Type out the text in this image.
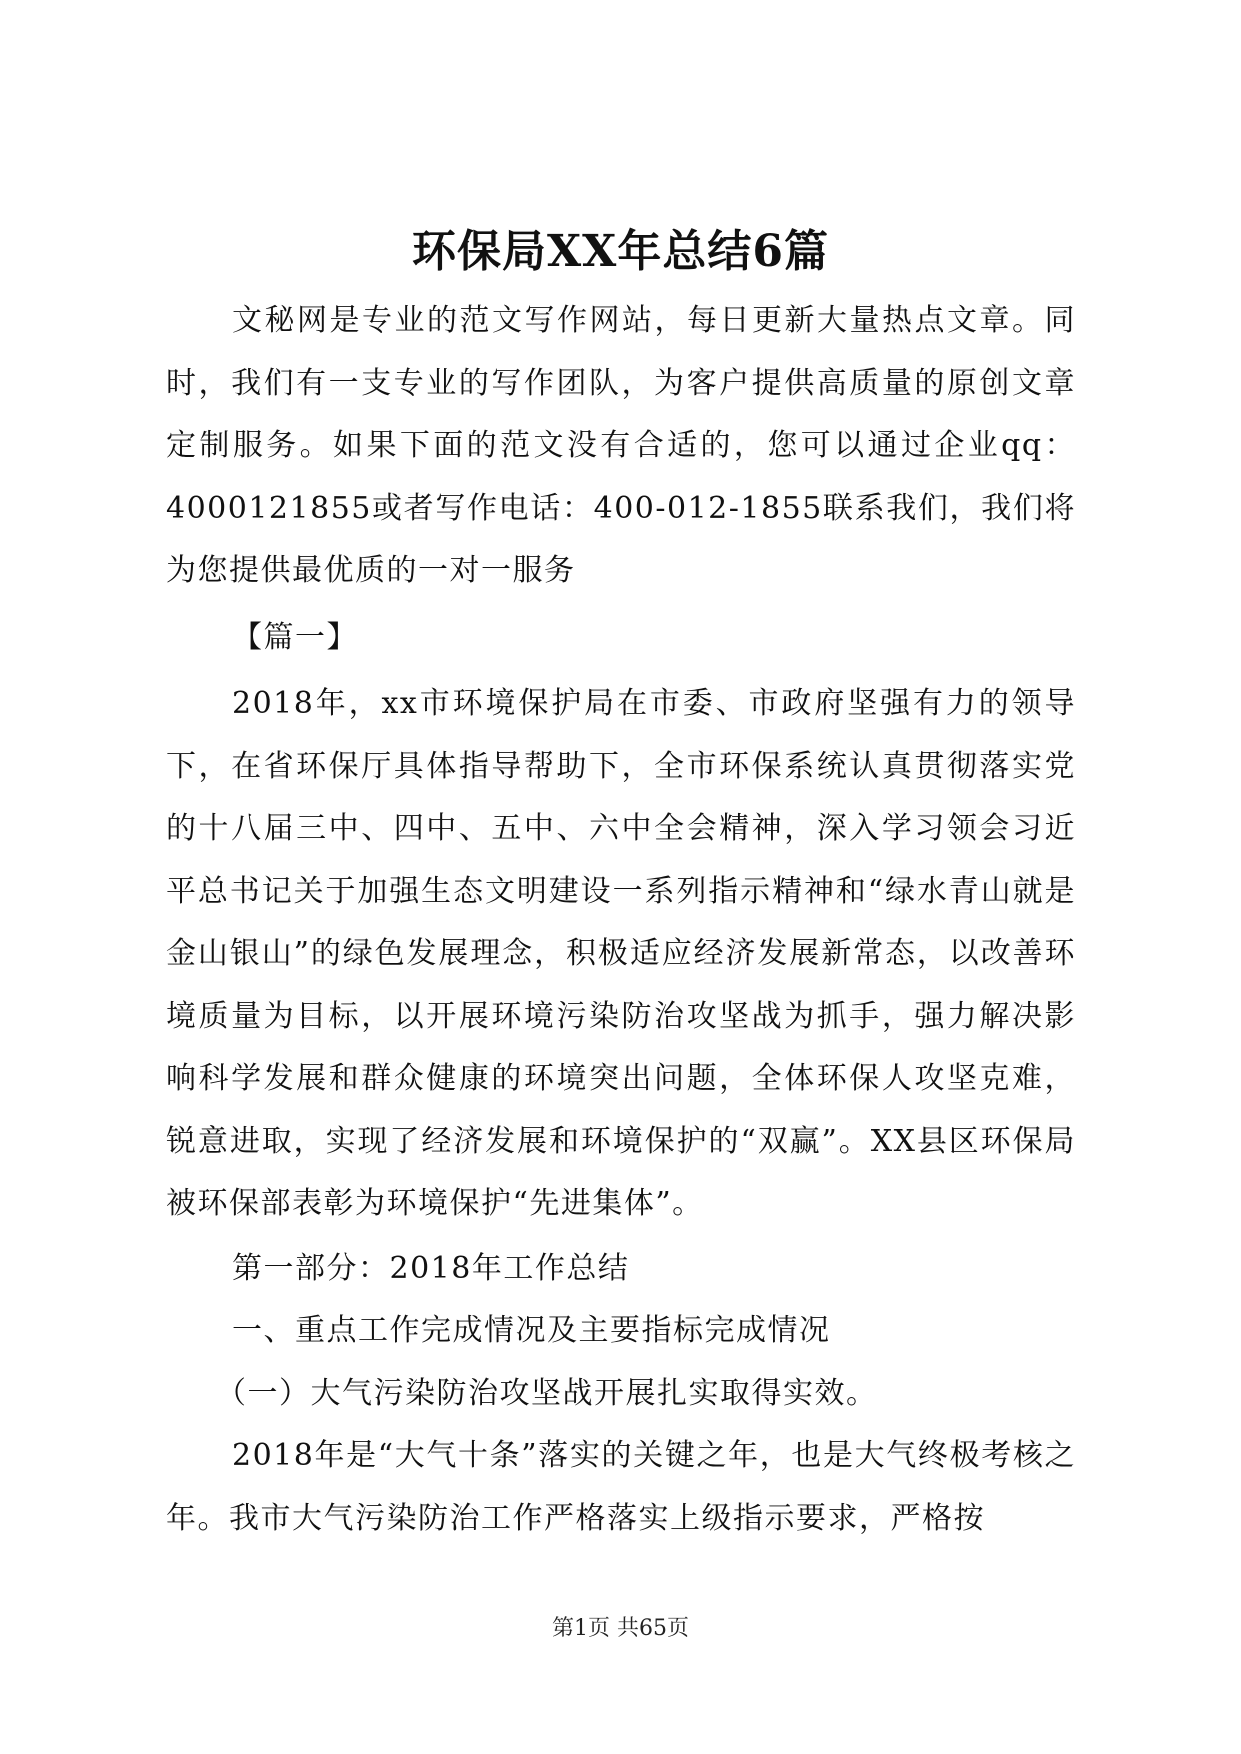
环保局XX年总结6篇

文秘网是专业的范文写作网站，每日更新大量热点文章。同时，我们有一支专业的写作团队，为客户提供高质量的原创文章定制服务。如果下面的范文没有合适的，您可以通过企业qq：4000121855或者写作电话：400-012-1855联系我们，我们将为您提供最优质的一对一服务

【篇一】

2018年，xx市环境保护局在市委、市政府坚强有力的领导下，在省环保厅具体指导帮助下，全市环保系统认真贯彻落实党的十八届三中、四中、五中、六中全会精神，深入学习领会习近平总书记关于加强生态文明建设一系列指示精神和“绿水青山就是金山银山”的绿色发展理念，积极适应经济发展新常态，以改善环境质量为目标，以开展环境污染防治攻坚战为抓手，强力解决影响科学发展和群众健康的环境突出问题，全体环保人攻坚克难，锐意进取，实现了经济发展和环境保护的“双赢”。XX县区环保局被环保部表彰为环境保护“先进集体”。

第一部分：2018年工作总结

一、重点工作完成情况及主要指标完成情况

（一）大气污染防治攻坚战开展扎实取得实效。

2018年是“大气十条”落实的关键之年，也是大气终极考核之年。我市大气污染防治工作严格落实上级指示要求，严格按

第1页 共65页
